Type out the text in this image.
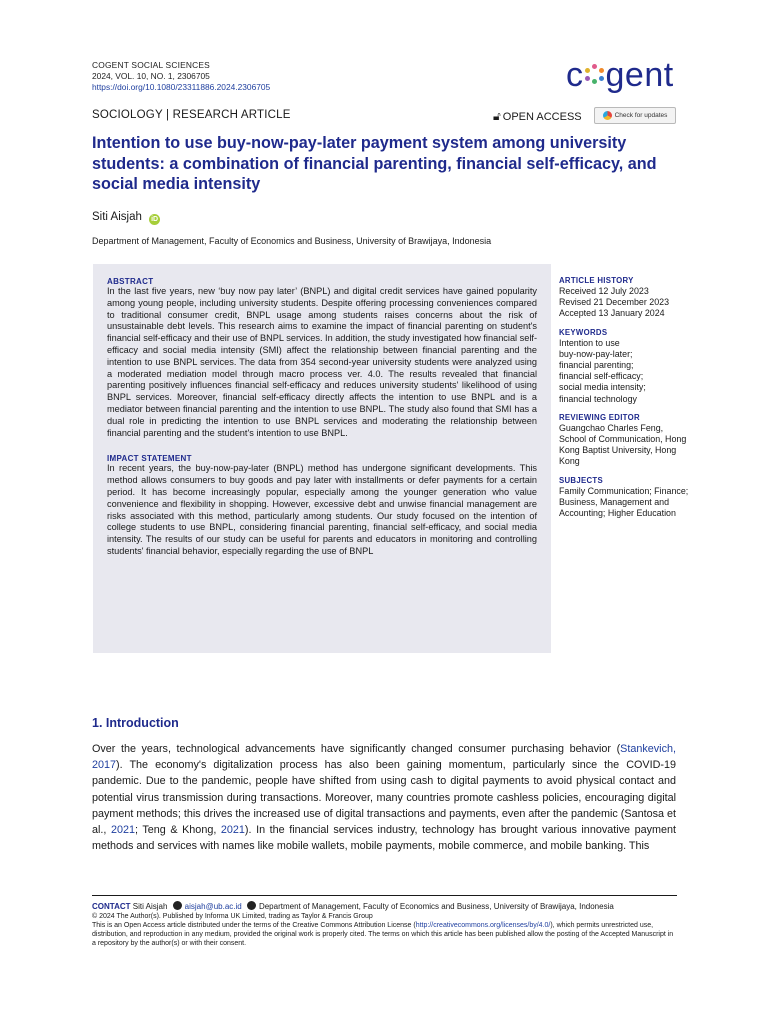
COGENT SOCIAL SCIENCES
2024, VOL. 10, NO. 1, 2306705
https://doi.org/10.1080/23311886.2024.2306705	c gent
SOCIOLOGY | RESEARCH ARTICLE	🔓︎ OPEN ACCESS	Check for updates
Intention to use buy-now-pay-later payment system among university students: a combination of financial parenting, financial self-efficacy, and social media intensity
Siti Aisjah iD
Department of Management, Faculty of Economics and Business, University of Brawijaya, Indonesia
ABSTRACT
In the last five years, new ‘buy now pay later’ (BNPL) and digital credit services have gained popularity among young people, including university students. Despite offering processing conveniences compared to traditional consumer credit, BNPL usage among students raises concerns about the risk of unsustainable debt levels. This research aims to examine the impact of financial parenting on student's financial self-efficacy and their use of BNPL services. In addition, the study investigated how financial self-efficacy and social media intensity (SMI) affect the relationship between financial parenting and the intention to use BNPL services. The data from 354 second-year university students were analyzed using a moderated mediation model through macro process ver. 4.0. The results revealed that financial parenting positively influences financial self-efficacy and reduces university students' likelihood of using BNPL services. Moreover, financial self-efficacy directly affects the intention to use BNPL and is a mediator between financial parenting and the intention to use BNPL. The study also found that SMI has a dual role in predicting the intention to use BNPL services and moderating the relationship between financial parenting and the student's intention to use BNPL.
IMPACT STATEMENT
In recent years, the buy-now-pay-later (BNPL) method has undergone significant developments. This method allows consumers to buy goods and pay later with installments or defer payments for a certain period. It has become increasingly popular, especially among the younger generation who value convenience and flexibility in shopping. However, excessive debt and unwise financial management are risks associated with this method, particularly among students. Our study focused on the intention of college students to use BNPL, considering financial parenting, financial self-efficacy, and social media intensity. The results of our study can be useful for parents and educators in monitoring and controlling students' financial behavior, especially regarding the use of BNPL
ARTICLE HISTORY
Received 12 July 2023
Revised 21 December 2023
Accepted 13 January 2024
KEYWORDS
Intention to use
buy-now-pay-later;
financial parenting;
financial self-efficacy;
social media intensity;
financial technology
REVIEWING EDITOR
Guangchao Charles Feng, School of Communication, Hong Kong Baptist University, Hong Kong
SUBJECTS
Family Communication; Finance; Business, Management and Accounting; Higher Education
1. Introduction
Over the years, technological advancements have significantly changed consumer purchasing behavior (Stankevich, 2017). The economy's digitalization process has also been gaining momentum, particularly since the COVID-19 pandemic. Due to the pandemic, people have shifted from using cash to digital payments to avoid physical contact and potential virus transmission during transactions. Moreover, many countries promote cashless policies, encouraging digital payment methods; this drives the increased use of digital transactions and payments, even after the pandemic (Santosa et al., 2021; Teng & Khong, 2021). In the financial services industry, technology has brought various innovative payment methods and services with names like mobile wallets, mobile payments, mobile commerce, and mobile banking. This
CONTACT Siti Aisjah aisjah@ub.ac.id Department of Management, Faculty of Economics and Business, University of Brawijaya, Indonesia
© 2024 The Author(s). Published by Informa UK Limited, trading as Taylor & Francis Group
This is an Open Access article distributed under the terms of the Creative Commons Attribution License (http://creativecommons.org/licenses/by/4.0/), which permits unrestricted use, distribution, and reproduction in any medium, provided the original work is properly cited. The terms on which this article has been published allow the posting of the Accepted Manuscript in a repository by the author(s) or with their consent.
